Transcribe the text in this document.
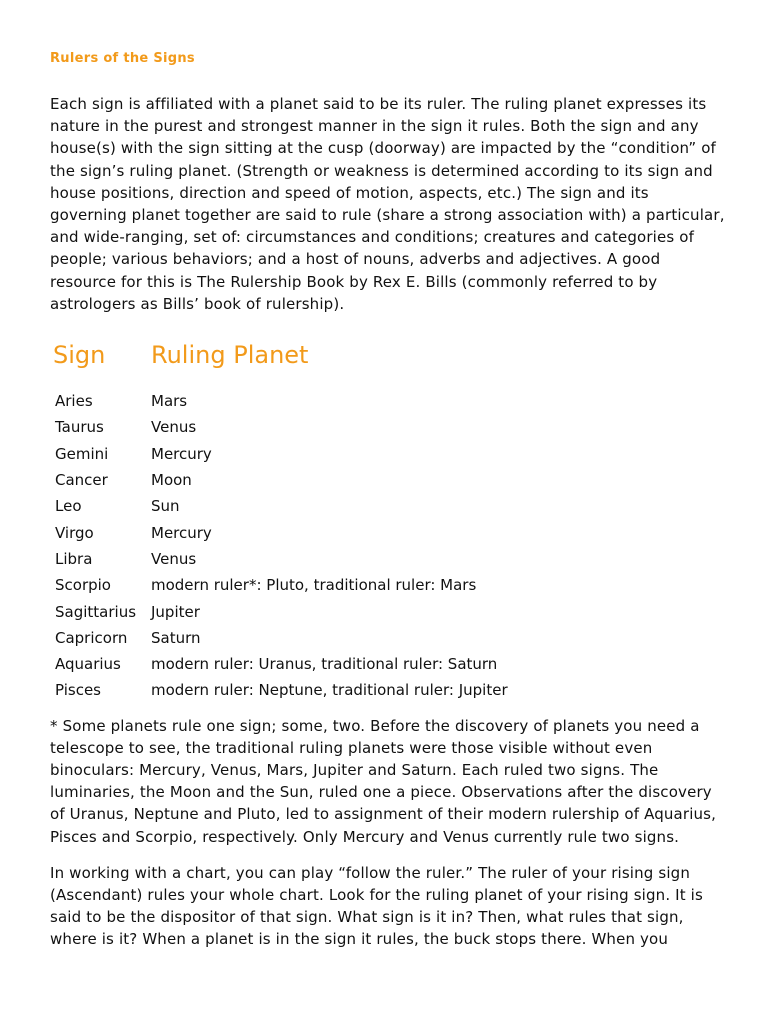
Rulers of the Signs

Each sign is affiliated with a planet said to be its ruler. The ruling planet expresses its nature in the purest and strongest manner in the sign it rules. Both the sign and any house(s) with the sign sitting at the cusp (doorway) are impacted by the “condition” of the sign’s ruling planet. (Strength or weakness is determined according to its sign and house positions, direction and speed of motion, aspects, etc.) The sign and its governing planet together are said to rule (share a strong association with) a particular, and wide-ranging, set of: circumstances and conditions; creatures and categories of people; various behaviors; and a host of nouns, adverbs and adjectives. A good resource for this is The Rulership Book by Rex E. Bills (commonly referred to by astrologers as Bills’ book of rulership).

Sign	Ruling Planet
Aries	Mars
Taurus	Venus
Gemini	Mercury
Cancer	Moon
Leo	Sun
Virgo	Mercury
Libra	Venus
Scorpio	modern ruler*: Pluto, traditional ruler: Mars
Sagittarius Jupiter
Capricorn	Saturn
Aquarius	modern ruler: Uranus, traditional ruler: Saturn
Pisces	modern ruler: Neptune, traditional ruler: Jupiter

* Some planets rule one sign; some, two. Before the discovery of planets you need a telescope to see, the traditional ruling planets were those visible without even binoculars: Mercury, Venus, Mars, Jupiter and Saturn. Each ruled two signs. The luminaries, the Moon and the Sun, ruled one a piece. Observations after the discovery of Uranus, Neptune and Pluto, led to assignment of their modern rulership of Aquarius, Pisces and Scorpio, respectively. Only Mercury and Venus currently rule two signs.

In working with a chart, you can play “follow the ruler.” The ruler of your rising sign (Ascendant) rules your whole chart. Look for the ruling planet of your rising sign. It is said to be the dispositor of that sign. What sign is it in? Then, what rules that sign, where is it? When a planet is in the sign it rules, the buck stops there. When you
